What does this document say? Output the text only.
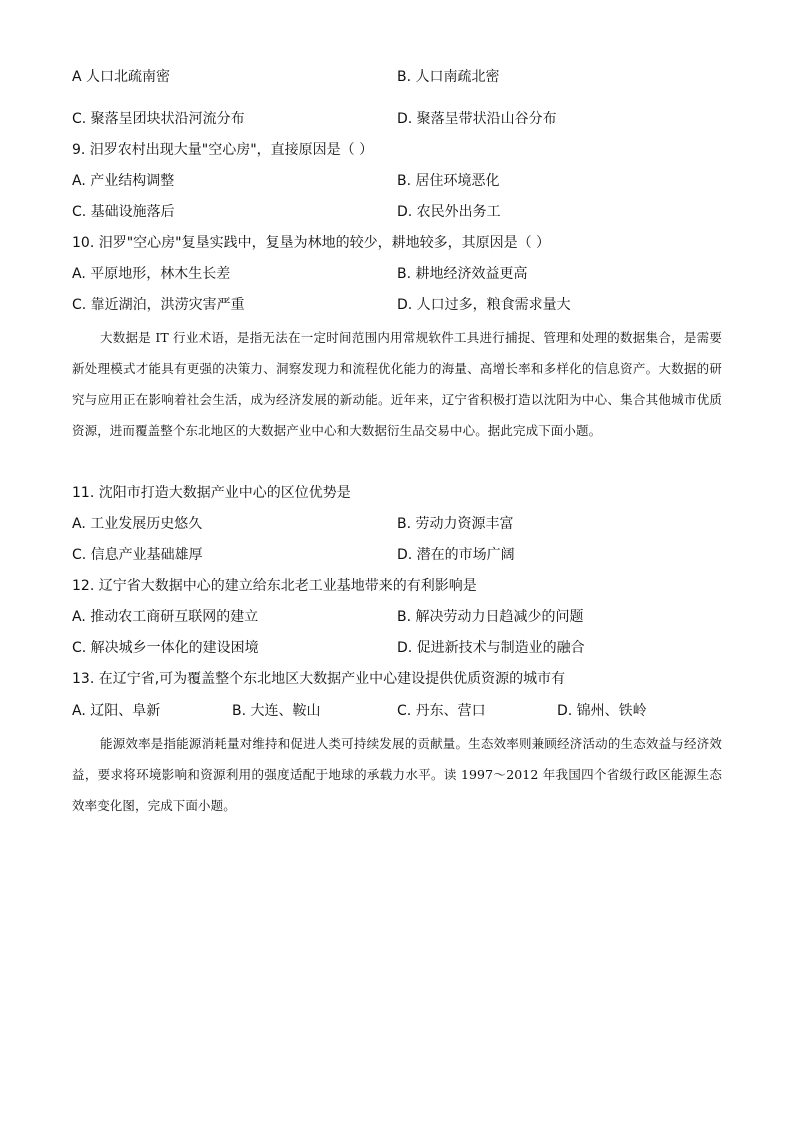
A 人口北疏南密	B. 人口南疏北密
C. 聚落呈团块状沿河流分布	D. 聚落呈带状沿山谷分布
9. 汨罗农村出现大量"空心房"，直接原因是（ ）
A. 产业结构调整	B. 居住环境恶化
C. 基础设施落后	D. 农民外出务工
10. 汨罗"空心房"复垦实践中，复垦为林地的较少，耕地较多，其原因是（ ）
A. 平原地形，林木生长差	B. 耕地经济效益更高
C. 靠近湖泊，洪涝灾害严重	D. 人口过多，粮食需求量大

大数据是 IT 行业术语，是指无法在一定时间范围内用常规软件工具进行捕捉、管理和处理的数据集合，是需要新处理模式才能具有更强的决策力、洞察发现力和流程优化能力的海量、高增长率和多样化的信息资产。大数据的研究与应用正在影响着社会生活，成为经济发展的新动能。近年来，辽宁省积极打造以沈阳为中心、集合其他城市优质资源，进而覆盖整个东北地区的大数据产业中心和大数据衍生品交易中心。据此完成下面小题。

11. 沈阳市打造大数据产业中心的区位优势是
A. 工业发展历史悠久	B. 劳动力资源丰富
C. 信息产业基础雄厚	D. 潜在的市场广阔
12. 辽宁省大数据中心的建立给东北老工业基地带来的有利影响是
A. 推动农工商研互联网的建立	B. 解决劳动力日趋减少的问题
C. 解决城乡一体化的建设困境	D. 促进新技术与制造业的融合
13. 在辽宁省,可为覆盖整个东北地区大数据产业中心建设提供优质资源的城市有
A. 辽阳、阜新	B. 大连、鞍山	C. 丹东、营口	D. 锦州、铁岭

能源效率是指能源消耗量对维持和促进人类可持续发展的贡献量。生态效率则兼顾经济活动的生态效益与经济效益，要求将环境影响和资源利用的强度适配于地球的承载力水平。读 1997～2012 年我国四个省级行政区能源生态效率变化图，完成下面小题。
